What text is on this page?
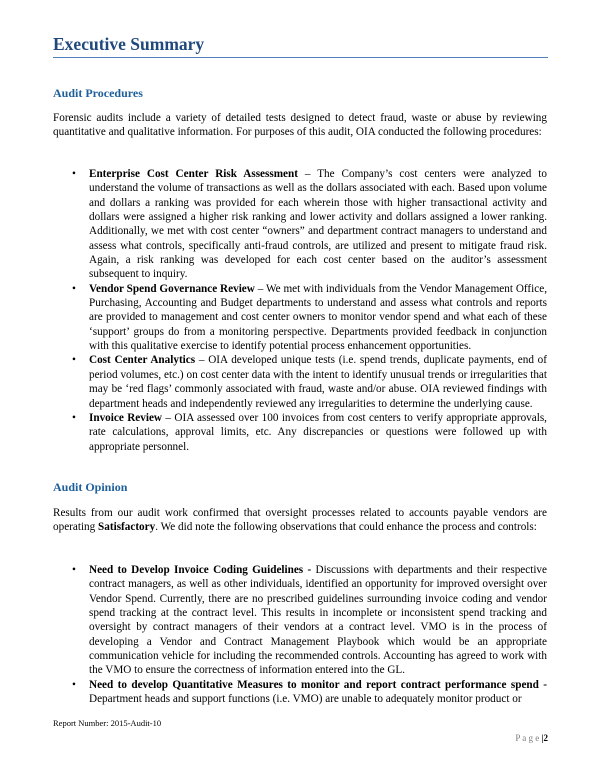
Executive Summary
Audit Procedures

Forensic audits include a variety of detailed tests designed to detect fraud, waste or abuse by reviewing quantitative and qualitative information. For purposes of this audit, OIA conducted the following procedures:

• Enterprise Cost Center Risk Assessment – The Company’s cost centers were analyzed to understand the volume of transactions as well as the dollars associated with each. Based upon volume and dollars a ranking was provided for each wherein those with higher transactional activity and dollars were assigned a higher risk ranking and lower activity and dollars assigned a lower ranking. Additionally, we met with cost center “owners” and department contract managers to understand and assess what controls, specifically anti-fraud controls, are utilized and present to mitigate fraud risk. Again, a risk ranking was developed for each cost center based on the auditor’s assessment subsequent to inquiry.
• Vendor Spend Governance Review – We met with individuals from the Vendor Management Office, Purchasing, Accounting and Budget departments to understand and assess what controls and reports are provided to management and cost center owners to monitor vendor spend and what each of these ‘support’ groups do from a monitoring perspective. Departments provided feedback in conjunction with this qualitative exercise to identify potential process enhancement opportunities.
• Cost Center Analytics – OIA developed unique tests (i.e. spend trends, duplicate payments, end of period volumes, etc.) on cost center data with the intent to identify unusual trends or irregularities that may be ‘red flags’ commonly associated with fraud, waste and/or abuse. OIA reviewed findings with department heads and independently reviewed any irregularities to determine the underlying cause.
• Invoice Review – OIA assessed over 100 invoices from cost centers to verify appropriate approvals, rate calculations, approval limits, etc. Any discrepancies or questions were followed up with appropriate personnel.
Audit Opinion

Results from our audit work confirmed that oversight processes related to accounts payable vendors are operating Satisfactory. We did note the following observations that could enhance the process and controls:

• Need to Develop Invoice Coding Guidelines - Discussions with departments and their respective contract managers, as well as other individuals, identified an opportunity for improved oversight over Vendor Spend. Currently, there are no prescribed guidelines surrounding invoice coding and vendor spend tracking at the contract level. This results in incomplete or inconsistent spend tracking and oversight by contract managers of their vendors at a contract level. VMO is in the process of developing a Vendor and Contract Management Playbook which would be an appropriate communication vehicle for including the recommended controls. Accounting has agreed to work with the VMO to ensure the correctness of information entered into the GL.
• Need to develop Quantitative Measures to monitor and report contract performance spend - Department heads and support functions (i.e. VMO) are unable to adequately monitor product or
Report Number: 2015-Audit-10
P a g e |2
